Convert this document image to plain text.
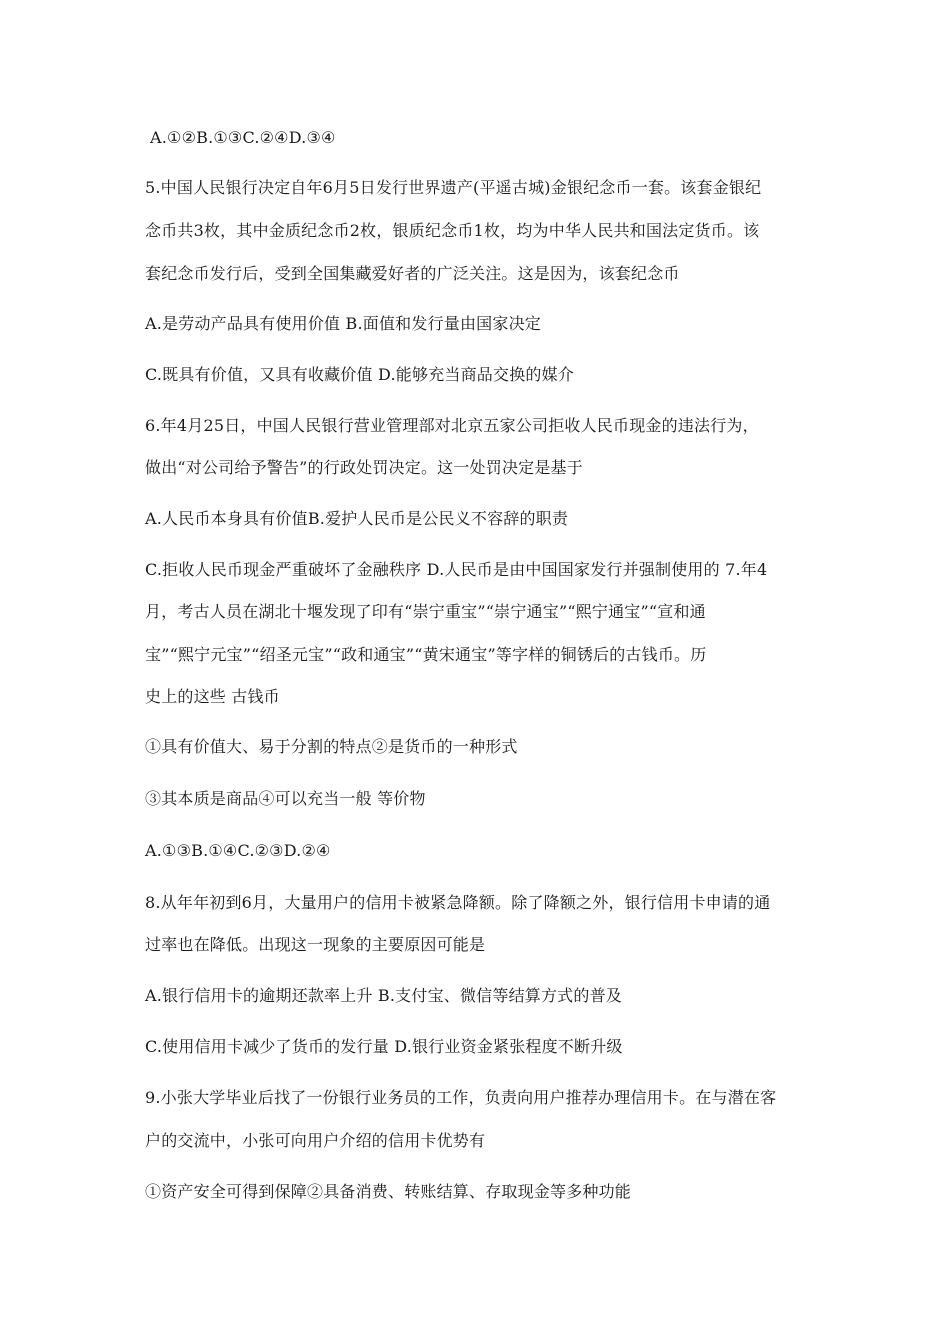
A.①②B.①③C.②④D.③④
5.中国人民银行决定自年6月5日发行世界遗产(平遥古城)金银纪念币一套。该套金银纪
念币共3枚，其中金质纪念币2枚，银质纪念币1枚，均为中华人民共和国法定货币。该
套纪念币发行后，受到全国集藏爱好者的广泛关注。这是因为，该套纪念币
A.是劳动产品具有使用价值 B.面值和发行量由国家决定
C.既具有价值，又具有收藏价值 D.能够充当商品交换的媒介
6.年4月25日，中国人民银行营业管理部对北京五家公司拒收人民币现金的违法行为，
做出“对公司给予警告”的行政处罚决定。这一处罚决定是基于
A.人民币本身具有价值B.爱护人民币是公民义不容辞的职责
C.拒收人民币现金严重破坏了金融秩序 D.人民币是由中国国家发行并强制使用的 7.年4
月，考古人员在湖北十堰发现了印有“崇宁重宝”“崇宁通宝”“熙宁通宝”“宣和通
宝”“熙宁元宝”“绍圣元宝”“政和通宝”“黄宋通宝”等字样的铜锈后的古钱币。历
史上的这些 古钱币
①具有价值大、易于分割的特点②是货币的一种形式
③其本质是商品④可以充当一般 等价物
A.①③B.①④C.②③D.②④
8.从年年初到6月，大量用户的信用卡被紧急降额。除了降额之外，银行信用卡申请的通
过率也在降低。出现这一现象的主要原因可能是
A.银行信用卡的逾期还款率上升 B.支付宝、微信等结算方式的普及
C.使用信用卡减少了货币的发行量 D.银行业资金紧张程度不断升级
9.小张大学毕业后找了一份银行业务员的工作，负责向用户推荐办理信用卡。在与潜在客
户的交流中，小张可向用户介绍的信用卡优势有
①资产安全可得到保障②具备消费、转账结算、存取现金等多种功能
